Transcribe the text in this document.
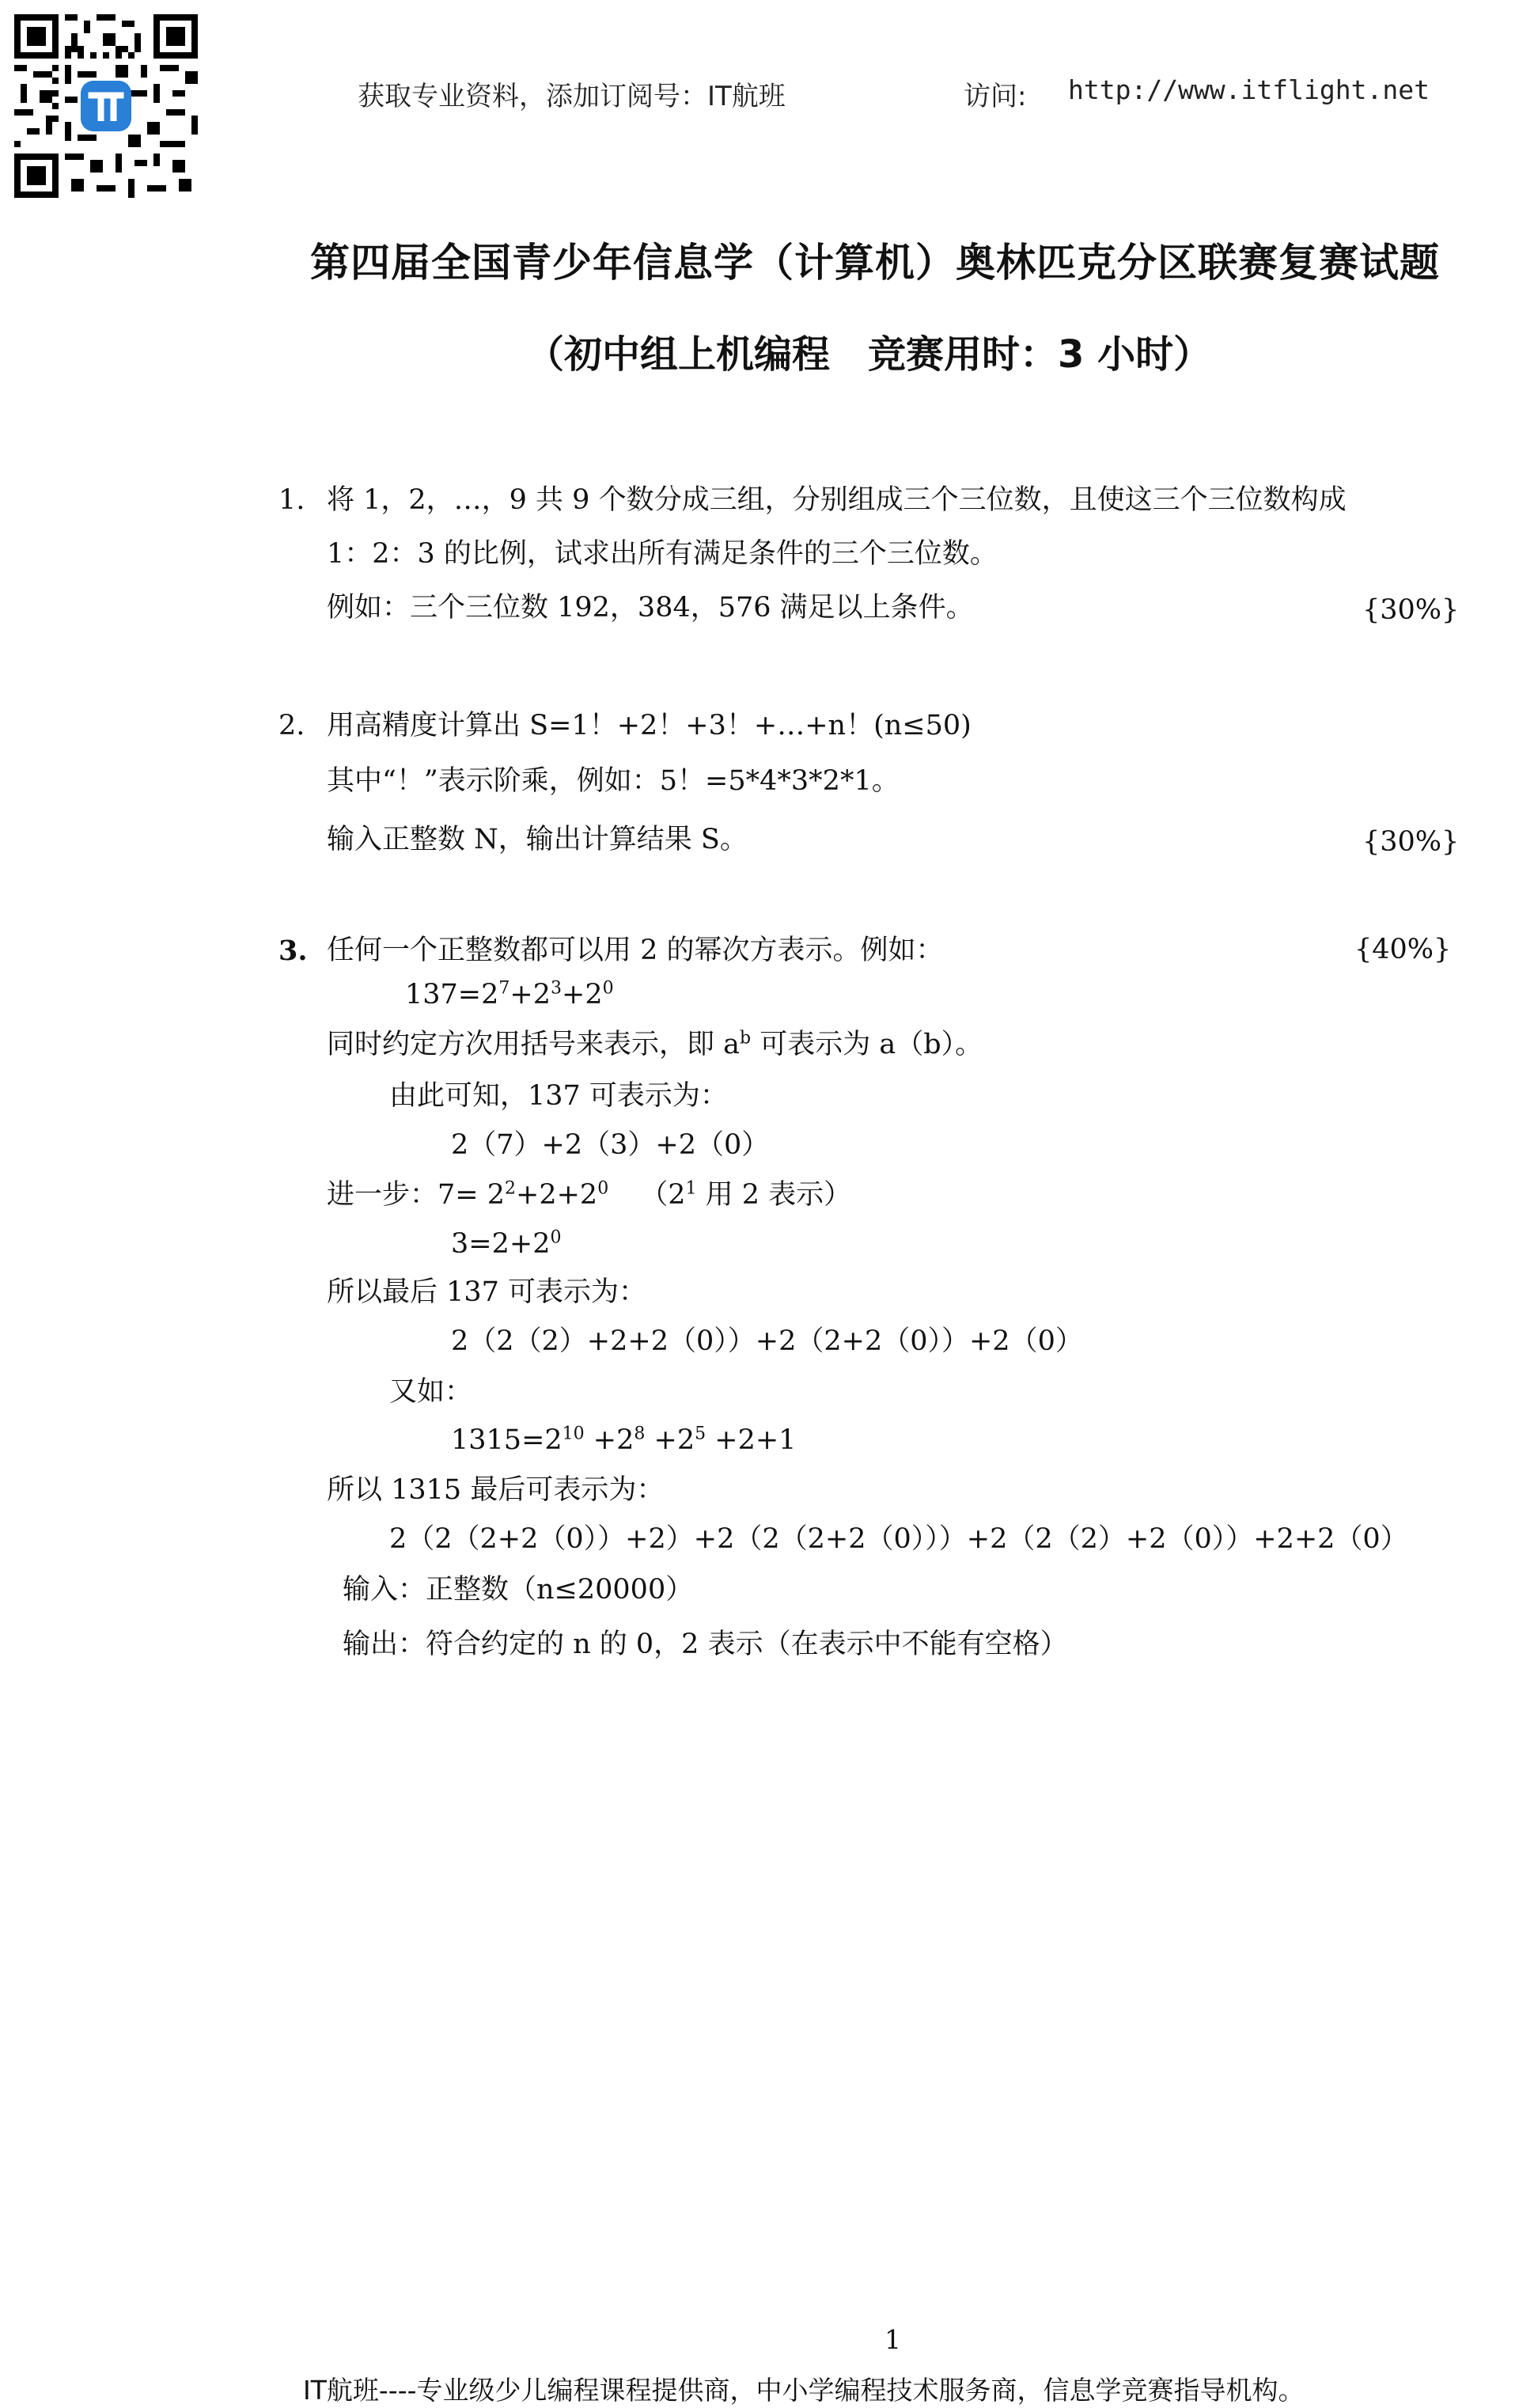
获取专业资料，添加订阅号：IT航班	访问: http://www.itflight.net
第四届全国青少年信息学（计算机）奥林匹克分区联赛复赛试题
（初中组上机编程　竞赛用时：3 小时）
1. 将 1，2，…，9 共 9 个数分成三组，分别组成三个三位数，且使这三个三位数构成
1：2：3 的比例，试求出所有满足条件的三个三位数。
例如：三个三位数 192，384，576 满足以上条件。	{30%}
2. 用高精度计算出 S=1！+2！+3！+…+n！(n≤50)
其中“！”表示阶乘，例如：5！=5*4*3*2*1。
输入正整数 N，输出计算结果 S。	{30%}
3. 任何一个正整数都可以用 2 的幂次方表示。例如：	{40%}
$137=2^7+2^3+2^0$
同时约定方次用括号来表示，即 $a^b$ 可表示为 a（b）。
由此可知，137 可表示为：
2（7）+2（3）+2（0）
进一步：$7= 2^2+2+2^0$ （$2^1$ 用 2 表示）
$3=2+2^0$
所以最后 137 可表示为：
2（2（2）+2+2（0））+2（2+2（0））+2（0）
又如：
$1315=2^{10} +2^8 +2^5 +2+1$
所以 1315 最后可表示为：
2（2（2+2（0））+2）+2（2（2+2（0）））+2（2（2）+2（0））+2+2（0）
输入：正整数（n≤20000）
输出：符合约定的 n 的 0，2 表示（在表示中不能有空格）
1
IT航班----专业级少儿编程课程提供商，中小学编程技术服务商，信息学竞赛指导机构。
